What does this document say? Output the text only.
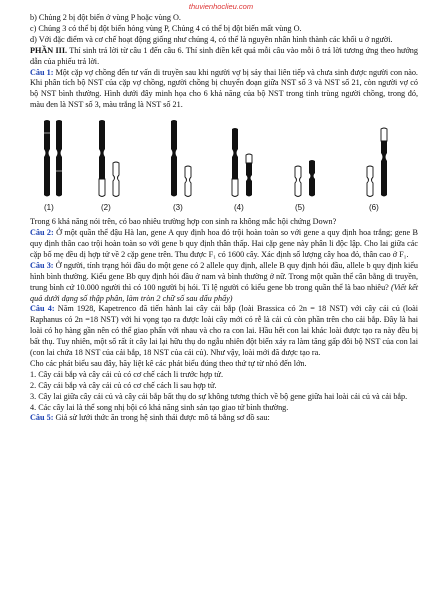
thuvienhoclieu.com

b) Chủng 2 bị đột biến ở vùng P hoặc vùng O.

c) Chủng 3 có thể bị đột biến hỏng vùng P, Chủng 4 có thể bị đột biến mất vùng O.

d) Với đặc điểm và cơ chế hoạt động giống như chủng 4, có thể là nguyên nhân hình thành các khối u ở người.

PHẦN III. Thí sinh trả lời từ câu 1 đến câu 6. Thí sinh điền kết quả mỗi câu vào mỗi ô trả lời tương ứng theo hướng dẫn của phiếu trả lời.

Câu 1: Một cặp vợ chồng đến tư vấn di truyền sau khi người vợ bị sảy thai liên tiếp và chưa sinh được người con nào. Khi phân tích bộ NST của cặp vợ chồng, người chồng bị chuyển đoạn giữa NST số 3 và NST số 21, còn người vợ có bộ NST bình thường. Hình dưới đây minh họa cho 6 khả năng của bộ NST trong tinh trùng người chồng, trong đó, màu đen là NST số 3, màu trắng là NST số 21.

(1)	(2)	(3)	(4)	(5)	(6)

Trong 6 khả năng nói trên, có bao nhiêu trường hợp con sinh ra không mắc hội chứng Down?

Câu 2: Ở một quần thể đậu Hà lan, gene A quy định hoa đỏ trội hoàn toàn so với gene a quy định hoa trắng; gene B quy định thân cao trội hoàn toàn so với gene b quy định thân thấp. Hai cặp gene này phân li độc lập. Cho lai giữa các cặp bố mẹ đều dị hợp tử về 2 cặp gene trên. Thu được F₁ có 1600 cây. Xác định số lượng cây hoa đỏ, thân cao ở F₁.

Câu 3: Ở người, tính trạng hói đầu do một gene có 2 allele quy định, allele B quy định hói đầu, allele b quy định kiểu hình bình thường. Kiểu gene Bb quy định hói đầu ở nam và bình thường ở nữ. Trong một quần thể cân bằng di truyền, trung bình cứ 10.000 người thì có 100 người bị hói. Tỉ lệ người có kiểu gene bb trong quần thể là bao nhiêu? (Viết kết quả dưới dạng số thập phân, làm tròn 2 chữ số sau dấu phẩy)

Câu 4: Năm 1928, Kapetrenco đã tiến hành lai cây cải bắp (loài Brassica có 2n = 18 NST) với cây cải củ (loài Raphanus có 2n =18 NST) với hi vọng tạo ra được loài cây mới có rễ là cải củ còn phần trên cho cải bắp. Đây là hai loài có họ hàng gần nên có thể giao phấn với nhau và cho ra con lai. Hầu hết con lai khác loài được tạo ra này đều bị bất thụ. Tuy nhiên, một số rất ít cây lai lại hữu thụ do ngẫu nhiên đột biến xảy ra làm tăng gấp đôi bộ NST của con lai (con lai chứa 18 NST của cải bắp, 18 NST của cải củ). Như vậy, loài mới đã được tạo ra.

Cho các phát biểu sau đây, hãy liệt kê các phát biểu đúng theo thứ tự từ nhỏ đến lớn.

1. Cây cải bắp và cây cải củ có cơ chế cách li trước hợp tử.

2. Cây cải bắp và cây cải củ có cơ chế cách li sau hợp tử.

3. Cây lai giữa cây cải củ và cây cải bắp bất thụ do sự không tương thích về bộ gene giữa hai loài cải củ và cải bắp.

4. Các cây lai là thể song nhị bội có khả năng sinh sản tạo giao tử bình thường.

Câu 5: Giả sử lưới thức ăn trong hệ sinh thái được mô tả bằng sơ đồ sau:
